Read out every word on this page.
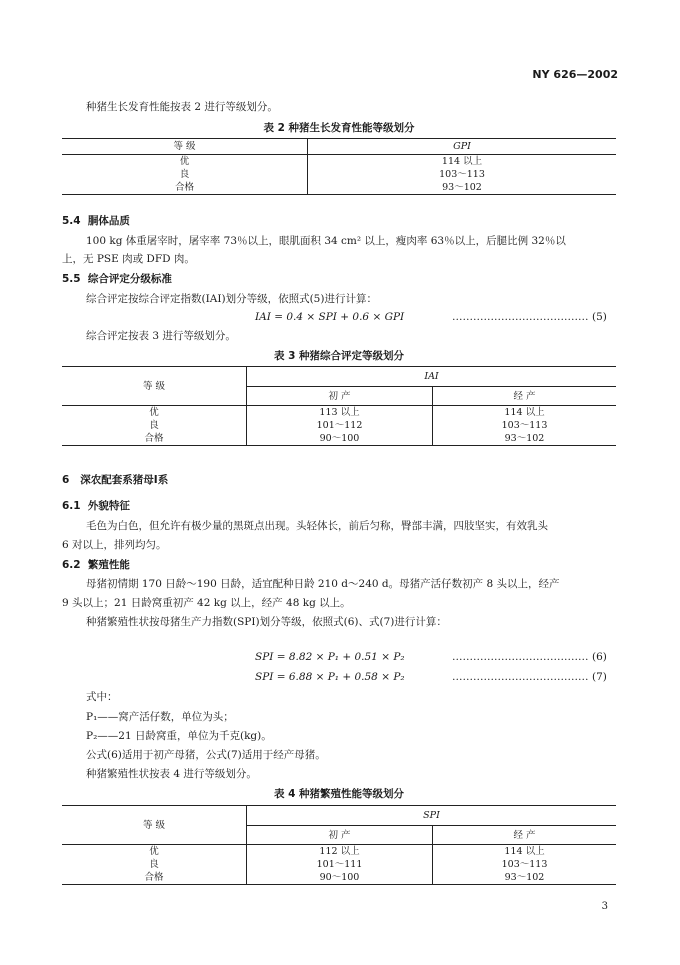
NY 626—2002
种猪生长发育性能按表 2 进行等级划分。
表 2 种猪生长发育性能等级划分
等 级	GPI
优	114 以上
良	103～113
合格	93～102
5.4 胴体品质
100 kg 体重屠宰时，屠宰率 73％以上，眼肌面积 34 cm² 以上，瘦肉率 63％以上，后腿比例 32％以
上，无 PSE 肉或 DFD 肉。
5.5 综合评定分级标准
综合评定按综合评定指数(IAI)划分等级，依照式(5)进行计算：
IAI = 0.4 × SPI + 0.6 × GPI	………………………………… (5)
综合评定按表 3 进行等级划分。
表 3 种猪综合评定等级划分
等 级	IAI	
	初 产	经 产
优	113 以上	114 以上
良	101～112	103～113
合格	90～100	93～102
6 深农配套系猪母Ⅰ系
6.1 外貌特征
毛色为白色，但允许有极少量的黑斑点出现。头轻体长，前后匀称，臀部丰满，四肢坚实，有效乳头
6 对以上，排列均匀。
6.2 繁殖性能
母猪初情期 170 日龄～190 日龄，适宜配种日龄 210 d～240 d。母猪产活仔数初产 8 头以上，经产
9 头以上；21 日龄窝重初产 42 kg 以上，经产 48 kg 以上。
种猪繁殖性状按母猪生产力指数(SPI)划分等级，依照式(6)、式(7)进行计算：
SPI = 8.82 × P₁ + 0.51 × P₂	………………………………… (6)
SPI = 6.88 × P₁ + 0.58 × P₂	………………………………… (7)
式中：
P₁——窝产活仔数，单位为头；
P₂——21 日龄窝重，单位为千克(kg)。
公式(6)适用于初产母猪，公式(7)适用于经产母猪。
种猪繁殖性状按表 4 进行等级划分。
表 4 种猪繁殖性能等级划分
等 级	SPI	
	初 产	经 产
优	112 以上	114 以上
良	101～111	103～113
合格	90～100	93～102
3
